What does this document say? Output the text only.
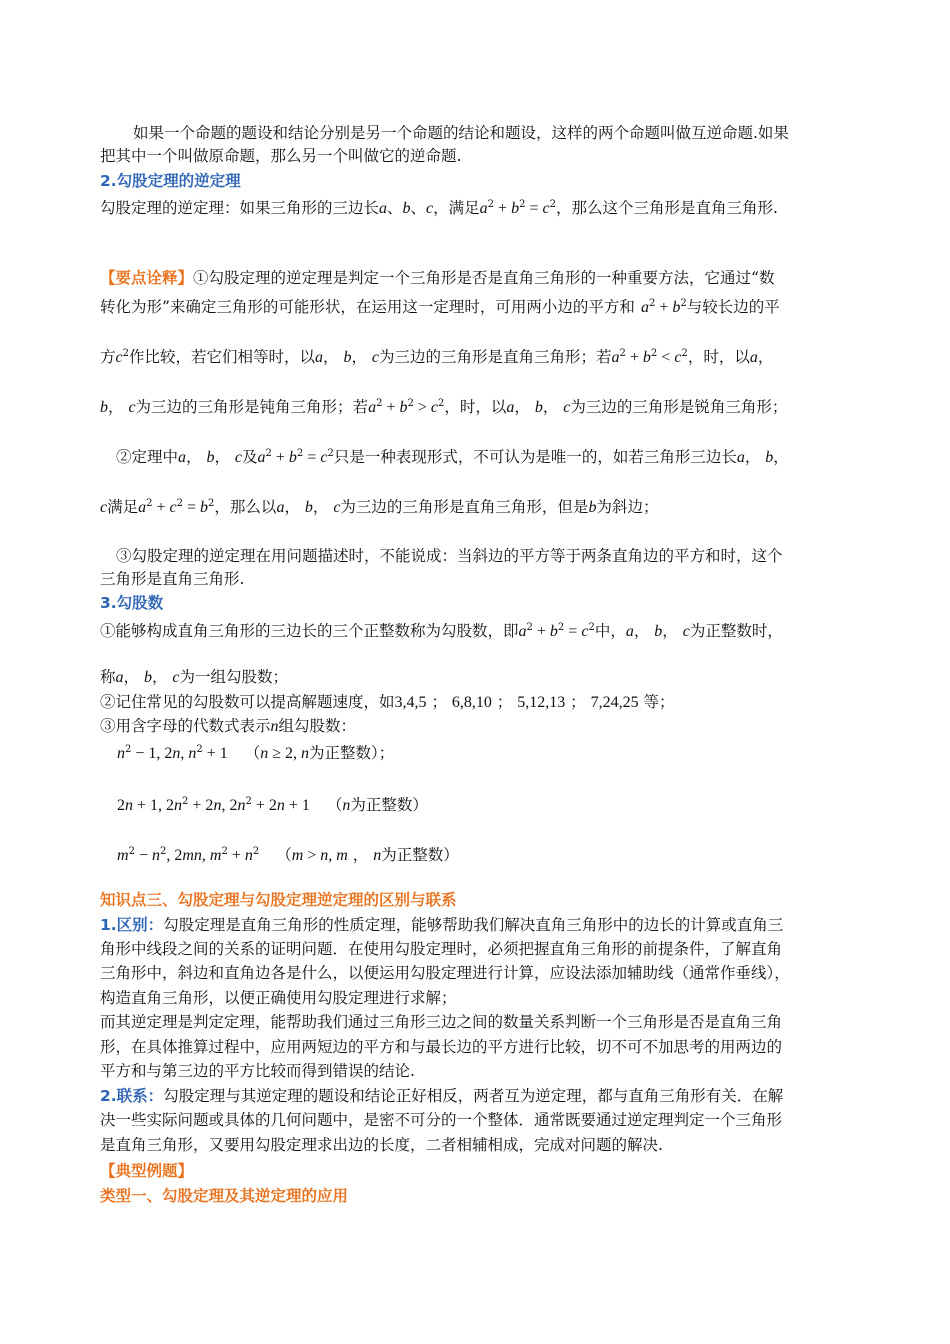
如果一个命题的题设和结论分别是另一个命题的结论和题设，这样的两个命题叫做互逆命题.如果
把其中一个叫做原命题，那么另一个叫做它的逆命题.
2.勾股定理的逆定理
勾股定理的逆定理：如果三角形的三边长a、b、c，满足$a^2 + b^2 = c^2$，那么这个三角形是直角三角形.
【要点诠释】①勾股定理的逆定理是判定一个三角形是否是直角三角形的一种重要方法，它通过“数
转化为形”来确定三角形的可能形状，在运用这一定理时，可用两小边的平方和 $a^2 + b^2$与较长边的平
方$c^2$作比较，若它们相等时，以a， b， c为三边的三角形是直角三角形；若$a^2 + b^2 < c^2$，时，以a，
b， c为三边的三角形是钝角三角形；若$a^2 + b^2 > c^2$，时，以a， b， c为三边的三角形是锐角三角形；
②定理中a， b， c及$a^2 + b^2 = c^2$只是一种表现形式，不可认为是唯一的，如若三角形三边长a， b，
c满足$a^2 + c^2 = b^2$，那么以a， b， c为三边的三角形是直角三角形，但是b为斜边；
③勾股定理的逆定理在用问题描述时，不能说成：当斜边的平方等于两条直角边的平方和时，这个
三角形是直角三角形.
3.勾股数
①能够构成直角三角形的三边长的三个正整数称为勾股数，即$a^2 + b^2 = c^2$中，a， b， c为正整数时，
称a， b， c为一组勾股数；
②记住常见的勾股数可以提高解题速度，如3,4,5 ； 6,8,10 ； 5,12,13 ； 7,24,25 等；
③用含字母的代数式表示n组勾股数：
$n^2 - 1$, 2n, $n^2 + 1$ （n ≥ 2, n为正整数）；
2n + 1, $2n^2 + 2n$, $2n^2 + 2n + 1$ （n为正整数）
$m^2 - n^2$, 2mn, $m^2 + n^2$ （m > n, m ， n为正整数）
知识点三、勾股定理与勾股定理逆定理的区别与联系
1.区别：勾股定理是直角三角形的性质定理，能够帮助我们解决直角三角形中的边长的计算或直角三
角形中线段之间的关系的证明问题．在使用勾股定理时，必须把握直角三角形的前提条件，了解直角
三角形中，斜边和直角边各是什么，以便运用勾股定理进行计算，应设法添加辅助线（通常作垂线），
构造直角三角形，以便正确使用勾股定理进行求解；
而其逆定理是判定定理，能帮助我们通过三角形三边之间的数量关系判断一个三角形是否是直角三角
形，在具体推算过程中，应用两短边的平方和与最长边的平方进行比较，切不可不加思考的用两边的
平方和与第三边的平方比较而得到错误的结论.
2.联系：勾股定理与其逆定理的题设和结论正好相反，两者互为逆定理，都与直角三角形有关．在解
决一些实际问题或具体的几何问题中，是密不可分的一个整体．通常既要通过逆定理判定一个三角形
是直角三角形，又要用勾股定理求出边的长度，二者相辅相成，完成对问题的解决.
【典型例题】
类型一、勾股定理及其逆定理的应用
